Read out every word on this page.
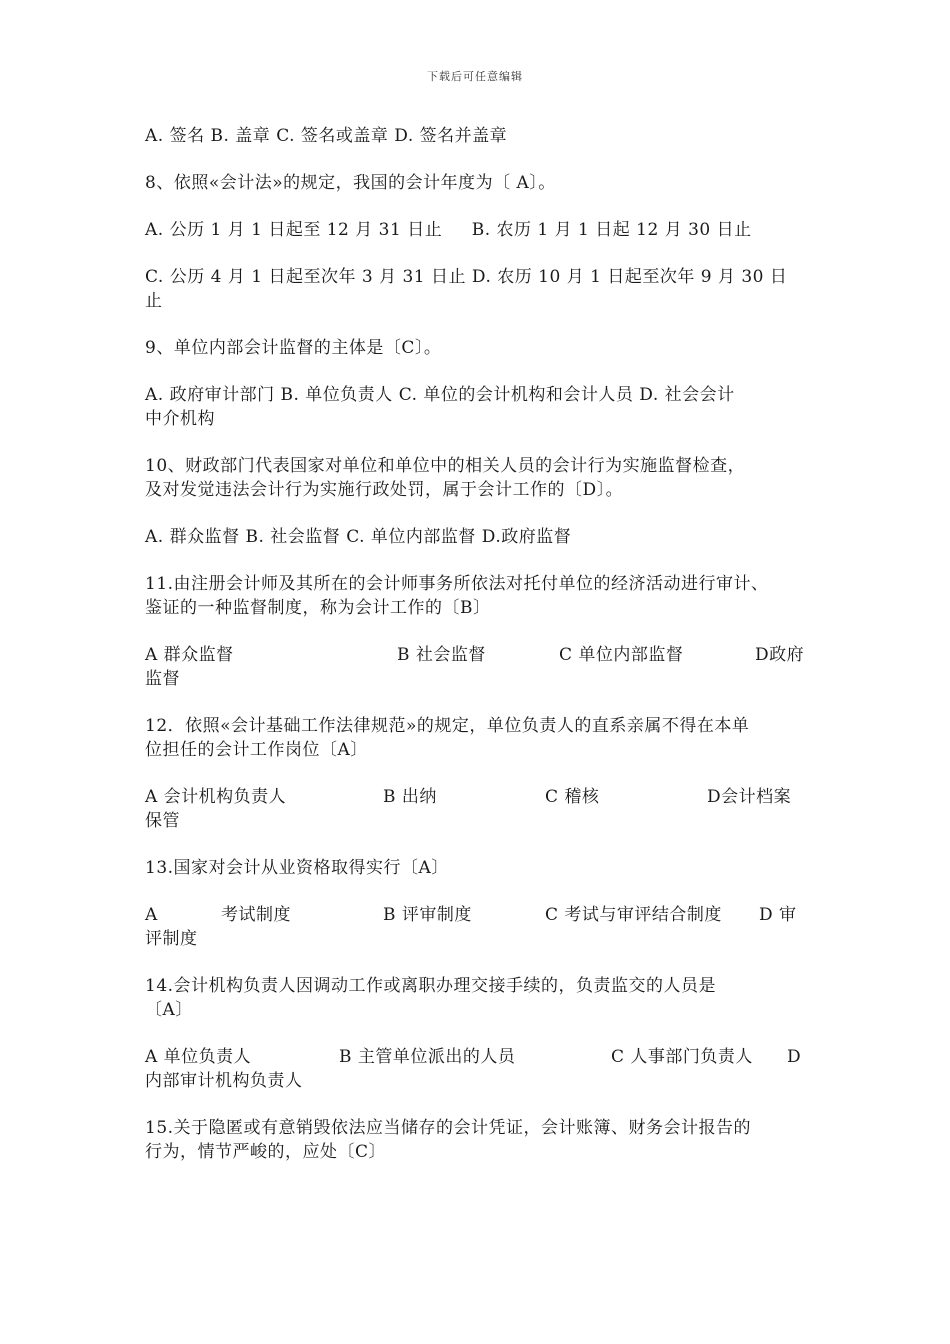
下载后可任意编辑
A. 签名 B. 盖章 C. 签名或盖章 D. 签名并盖章
8、依照«会计法»的规定，我国的会计年度为〔 A〕。
A. 公历 1 月 1 日起至 12 月 31 日止     B. 农历 1 月 1 日起 12 月 30 日止
C. 公历 4 月 1 日起至次年 3 月 31 日止 D. 农历 10 月 1 日起至次年 9 月 30 日
止
9、单位内部会计监督的主体是〔C〕。
A. 政府审计部门 B. 单位负责人 C. 单位的会计机构和会计人员 D. 社会会计
中介机构
10、财政部门代表国家对单位和单位中的相关人员的会计行为实施监督检查，
及对发觉违法会计行为实施行政处罚，属于会计工作的〔D〕。
A. 群众监督 B. 社会监督 C. 单位内部监督 D.政府监督
11.由注册会计师及其所在的会计师事务所依法对托付单位的经济活动进行审计、
鉴证的一种监督制度，称为会计工作的〔B〕
A 群众监督	B 社会监督	C 单位内部监督	D政府
监督
12．依照«会计基础工作法律规范»的规定，单位负责人的直系亲属不得在本单
位担任的会计工作岗位〔A〕
A 会计机构负责人	B 出纳	C 稽核	D会计档案
保管
13.国家对会计从业资格取得实行〔A〕
A	考试制度	B 评审制度	C 考试与审评结合制度	D 审
评制度
14.会计机构负责人因调动工作或离职办理交接手续的，负责监交的人员是
〔A〕
A 单位负责人	B 主管单位派出的人员	C 人事部门负责人	D
内部审计机构负责人
15.关于隐匿或有意销毁依法应当储存的会计凭证，会计账簿、财务会计报告的
行为，情节严峻的，应处〔C〕
